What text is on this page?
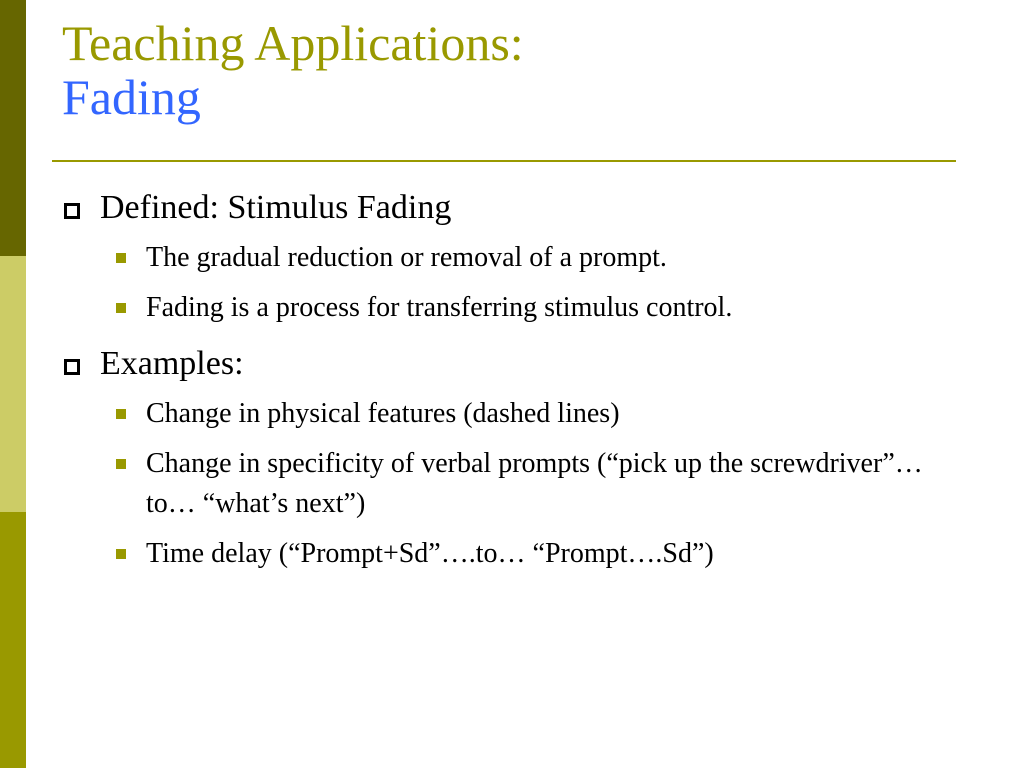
Teaching Applications:
Fading
Defined: Stimulus Fading
The gradual reduction or removal of a prompt.
Fading is a process for transferring stimulus control.
Examples:
Change in physical features (dashed lines)
Change in specificity of verbal prompts (“pick up the screwdriver”…to… “what’s next”)
Time delay (“Prompt+Sd”….to… “Prompt….Sd”)
